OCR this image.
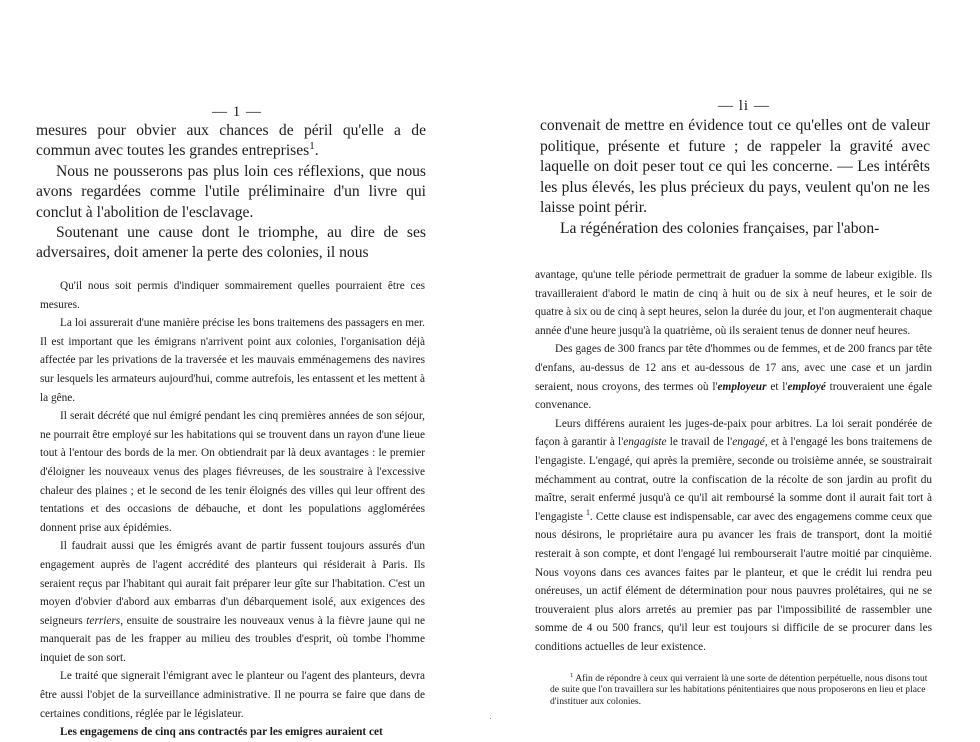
— 1 —

mesures pour obvier aux chances de péril qu'elle a de commun avec toutes les grandes entreprises$^1$.

Nous ne pousserons pas plus loin ces réflexions, que nous avons regardées comme l'utile préliminaire d'un livre qui conclut à l'abolition de l'esclavage.

Soutenant une cause dont le triomphe, au dire de ses adversaires, doit amener la perte des colonies, il nous

Qu'il nous soit permis d'indiquer sommairement quelles pourraient être ces mesures.

La loi assurerait d'une manière précise les bons traitemens des passagers en mer. Il est important que les émigrans n'arrivent point aux colonies, l'organisation déjà affectée par les privations de la traversée et les mauvais emménagemens des navires sur lesquels les armateurs aujourd'hui, comme autrefois, les entassent et les mettent à la gêne.

Il serait décrété que nul émigré pendant les cinq premières années de son séjour, ne pourrait être employé sur les habitations qui se trouvent dans un rayon d'une lieue tout à l'entour des bords de la mer. On obtiendrait par là deux avantages : le premier d'éloigner les nouveaux venus des plages fiévreuses, de les soustraire à l'excessive chaleur des plaines ; et le second de les tenir éloignés des villes qui leur offrent des tentations et des occasions de débauche, et dont les populations agglomérées donnent prise aux épidémies.

Il faudrait aussi que les émigrés avant de partir fussent toujours assurés d'un engagement auprès de l'agent accrédité des planteurs qui résiderait à Paris. Ils seraient reçus par l'habitant qui aurait fait préparer leur gîte sur l'habitation. C'est un moyen d'obvier d'abord aux embarras d'un débarquement isolé, aux exigences des seigneurs terriers, ensuite de soustraire les nouveaux venus à la fièvre jaune qui ne manquerait pas de les frapper au milieu des troubles d'esprit, où tombe l'homme inquiet de son sort.

Le traité que signerait l'émigrant avec le planteur ou l'agent des planteurs, devra être aussi l'objet de la surveillance administrative. Il ne pourra se faire que dans de certaines conditions, réglée par le législateur.

Les engagemens de cinq ans contractés par les emigres auraient cet

— li —

convenait de mettre en évidence tout ce qu'elles ont de valeur politique, présente et future ; de rappeler la gravité avec laquelle on doit peser tout ce qui les concerne. — Les intérêts les plus élevés, les plus précieux du pays, veulent qu'on ne les laisse point périr.

La régénération des colonies françaises, par l'abon-

avantage, qu'une telle période permettrait de graduer la somme de labeur exigible. Ils travailleraient d'abord le matin de cinq à huit ou de six à neuf heures, et le soir de quatre à six ou de cinq à sept heures, selon la durée du jour, et l'on augmenterait chaque année d'une heure jusqu'à la quatrième, où ils seraient tenus de donner neuf heures.

Des gages de 300 francs par tête d'hommes ou de femmes, et de 200 francs par tête d'enfans, au-dessus de 12 ans et au-dessous de 17 ans, avec une case et un jardin seraient, nous croyons, des termes où l'employeur et l'employé trouveraient une égale convenance.

Leurs différens auraient les juges-de-paix pour arbitres. La loi serait pondérée de façon à garantir à l'engagiste le travail de l'engagé, et à l'engagé les bons traitemens de l'engagiste. L'engagé, qui après la première, seconde ou troisième année, se soustrairait méchamment au contrat, outre la confiscation de la récolte de son jardin au profit du maître, serait enfermé jusqu'à ce qu'il ait remboursé la somme dont il aurait fait tort à l'engagiste $^1$. Cette clause est indispensable, car avec des engagemens comme ceux que nous désirons, le propriétaire aura pu avancer les frais de transport, dont la moitié resterait à son compte, et dont l'engagé lui rembourserait l'autre moitié par cinquième. Nous voyons dans ces avances faites par le planteur, et que le crédit lui rendra peu onéreuses, un actif élément de détermination pour nous pauvres prolétaires, qui ne se trouveraient plus alors arretés au premier pas par l'impossibilité de rassembler une somme de 4 ou 500 francs, qu'il leur est toujours si difficile de se procurer dans les conditions actuelles de leur existence.

$^1$ Afin de répondre à ceux qui verraient là une sorte de détention perpétuelle, nous disons tout de suite que l'on travaillera sur les habitations pénitentiaires que nous proposerons en lieu et place d'instituer aux colonies.
